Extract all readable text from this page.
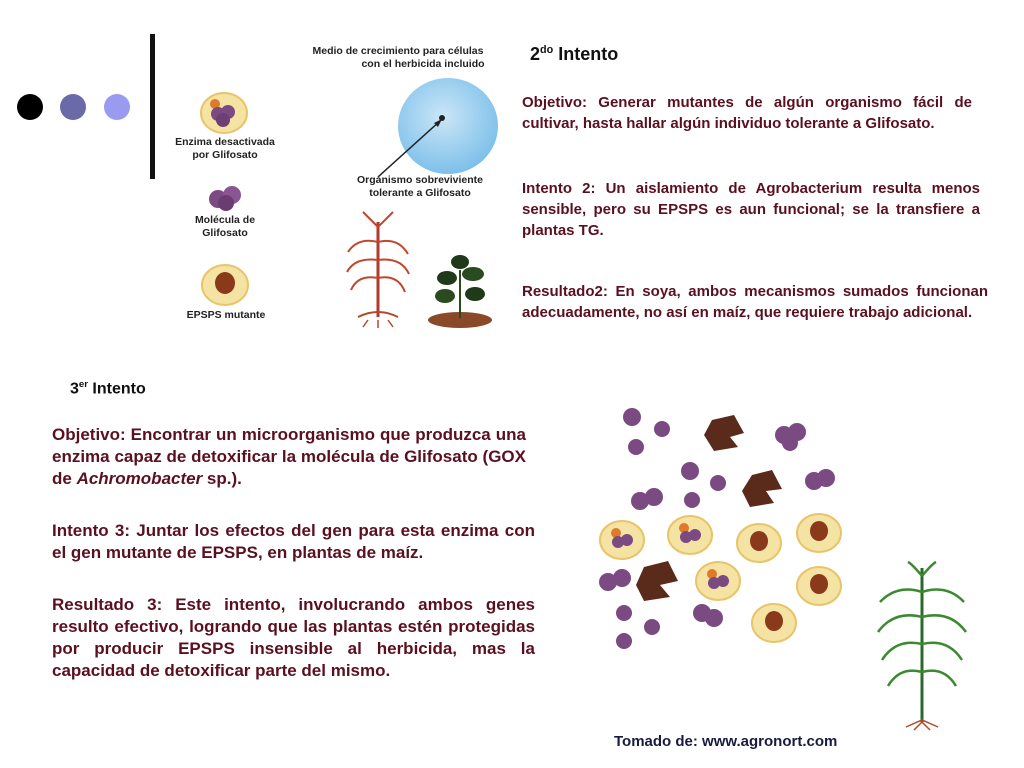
Medio de crecimiento para células
con el herbicida incluido
Organismo sobreviviente
tolerante a Glifosato
Enzima desactivada
por Glifosato
Molécula de
Glifosato
EPSPS mutante
$2^{do}$ Intento
Objetivo: Generar mutantes de algún organismo fácil de cultivar, hasta hallar algún individuo tolerante a Glifosato.
Intento 2: Un aislamiento de Agrobacterium resulta menos sensible, pero su EPSPS es aun funcional; se la transfiere a plantas TG.
Resultado2: En soya, ambos mecanismos sumados funcionan adecuadamente, no así en maíz, que requiere trabajo adicional.
3er Intento
Objetivo: Encontrar un microorganismo que produzca una enzima capaz de detoxificar la molécula de Glifosato (GOX de Achromobacter sp.).
Intento 3: Juntar los efectos del gen para esta enzima con el gen mutante de EPSPS, en plantas de maíz.
Resultado 3: Este intento, involucrando ambos genes resulto efectivo, logrando que las plantas estén protegidas por producir EPSPS insensible al herbicida, mas la capacidad de detoxificar parte del mismo.
Tomado de: www.agronort.com
